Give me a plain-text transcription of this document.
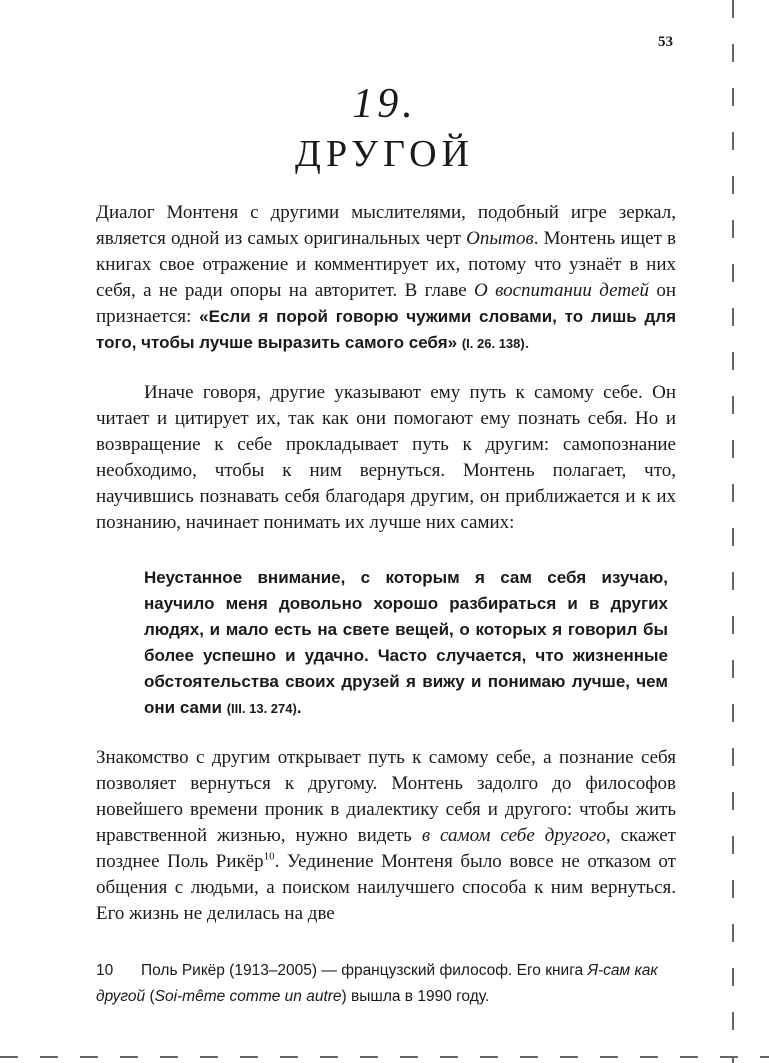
53
19.
ДРУГОЙ

Диалог Монтеня с другими мыслителями, подобный игре зеркал, является одной из самых оригинальных черт Опытов. Монтень ищет в книгах свое отражение и комментирует их, потому что узнаёт в них себя, а не ради опоры на авторитет. В главе О воспитании детей он признается: «Если я порой говорю чужими словами, то лишь для того, чтобы лучше выразить самого себя» (I. 26. 138).

Иначе говоря, другие указывают ему путь к самому себе. Он читает и цитирует их, так как они помогают ему познать себя. Но и возвращение к себе прокладывает путь к другим: самопознание необходимо, чтобы к ним вернуться. Монтень полагает, что, научившись познавать себя благодаря другим, он приближается и к их познанию, начинает понимать их лучше них самих:

Неустанное внимание, с которым я сам себя изучаю, научило меня довольно хорошо разбираться и в других людях, и мало есть на свете вещей, о которых я говорил бы более успешно и удачно. Часто случается, что жизненные обстоятельства своих друзей я вижу и понимаю лучше, чем они сами (III. 13. 274).

Знакомство с другим открывает путь к самому себе, а познание себя позволяет вернуться к другому. Монтень задолго до философов новейшего времени проник в диалектику себя и другого: чтобы жить нравственной жизнью, нужно видеть в самом себе другого, скажет позднее Поль Рикёр$^{10}$. Уединение Монтеня было вовсе не отказом от общения с людьми, а поиском наилучшего способа к ним вернуться. Его жизнь не делилась на две

10 Поль Рикёр (1913–2005) — французский философ. Его книга Я-сам как другой (Soi-même comme un autre) вышла в 1990 году.
